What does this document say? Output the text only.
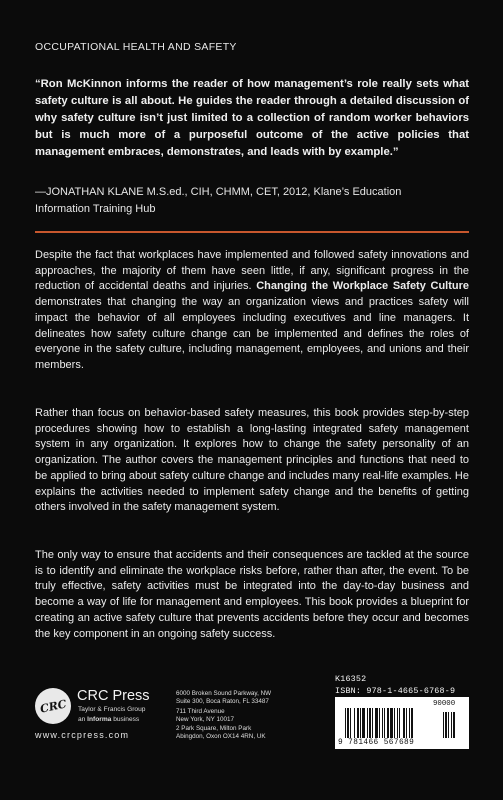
OCCUPATIONAL HEALTH AND SAFETY
“Ron McKinnon informs the reader of how management’s role really sets what safety culture is all about. He guides the reader through a detailed discussion of why safety culture isn’t just limited to a collection of random worker behaviors but is much more of a purposeful outcome of the active policies that management embraces, demonstrates, and leads with by example.”
—JONATHAN KLANE M.S.ed., CIH, CHMM, CET, 2012, Klane’s Education
Information Training Hub
Despite the fact that workplaces have implemented and followed safety innovations and approaches, the majority of them have seen little, if any, significant progress in the reduction of accidental deaths and injuries. Changing the Workplace Safety Culture demonstrates that changing the way an organization views and practices safety will impact the behavior of all employees including executives and line managers. It delineates how safety culture change can be implemented and defines the roles of everyone in the safety culture, including management, employees, and unions and their members.
Rather than focus on behavior-based safety measures, this book provides step-by-step procedures showing how to establish a long-lasting integrated safety management system in any organization. It explores how to change the safety personality of an organization. The author covers the management principles and functions that need to be applied to bring about safety culture change and includes many real-life examples. He explains the activities needed to implement safety change and the benefits of getting others involved in the safety management system.
The only way to ensure that accidents and their consequences are tackled at the source is to identify and eliminate the workplace risks before, rather than after, the event. To be truly effective, safety activities must be integrated into the day-to-day business and become a way of life for management and employees. This book provides a blueprint for creating an active safety culture that prevents accidents before they occur and becomes the key component in an ongoing safety success.
CRC
CRC Press
Taylor & Francis Group
an Informa business
www.crcpress.com
6000 Broken Sound Parkway, NW
Suite 300, Boca Raton, FL 33487
711 Third Avenue
New York, NY 10017
2 Park Square, Milton Park
Abingdon, Oxon OX14 4RN, UK
K16352
ISBN: 978-1-4665-6768-9
90000
9 781466 567689
